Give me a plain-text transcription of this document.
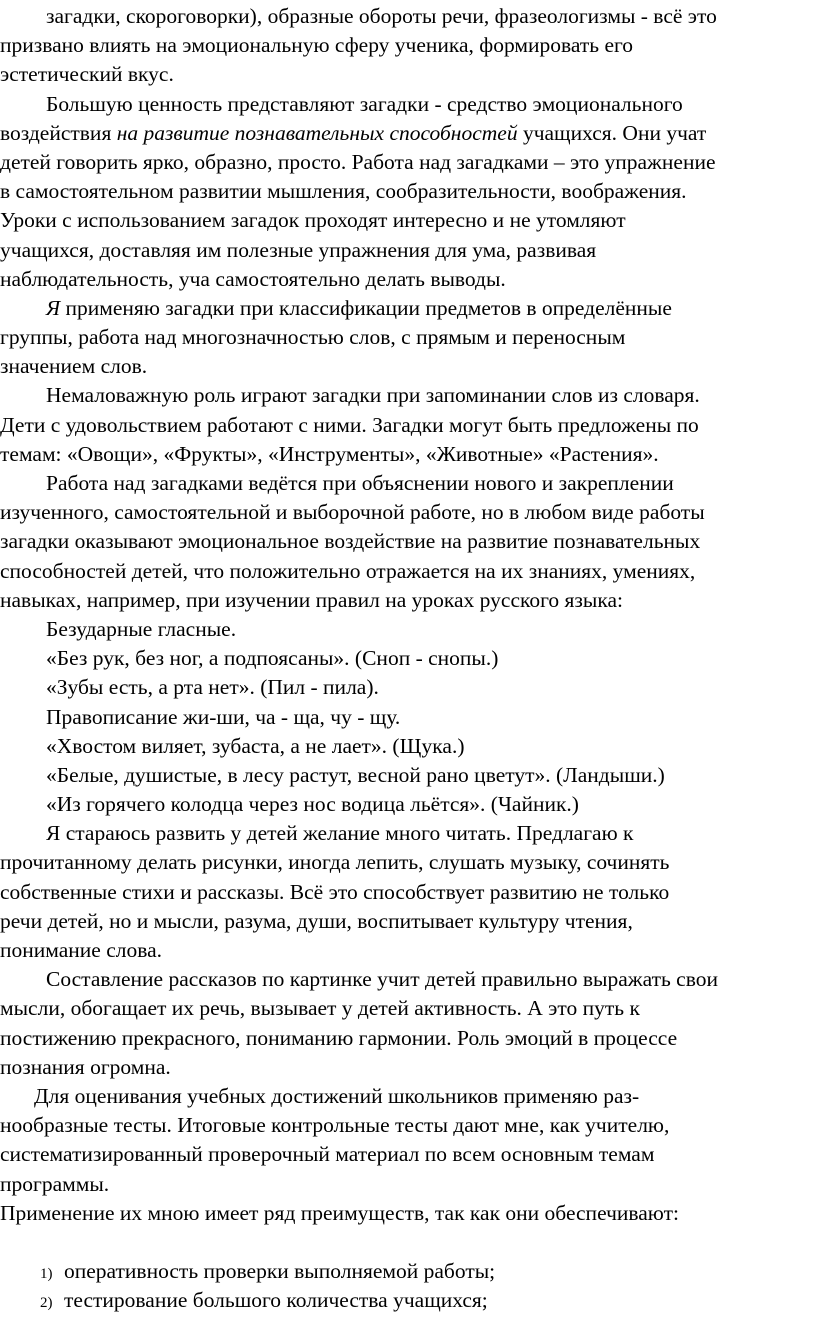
загадки, скороговорки), образные обороты речи, фразеологизмы - всё это

призвано влиять на эмоциональную сферу ученика, формировать его

эстетический вкус.

Большую ценность представляют загадки - средство эмоционального

воздействия на развитие познавательных способностей учащихся. Они учат

детей говорить ярко, образно, просто. Работа над загадками – это упражнение

в самостоятельном развитии мышления, сообразительности, воображения.

Уроки с использованием загадок проходят интересно и не утомляют

учащихся, доставляя им полезные упражнения для ума, развивая

наблюдательность, уча самостоятельно делать выводы.

Я применяю загадки при классификации предметов в определённые

группы, работа над многозначностью слов, с прямым и переносным

значением слов.

Немаловажную роль играют загадки при запоминании слов из словаря.

Дети с удовольствием работают с ними. Загадки могут быть предложены по

темам: «Овощи», «Фрукты», «Инструменты», «Животные» «Растения».

Работа над загадками ведётся при объяснении нового и закреплении

изученного, самостоятельной и выборочной работе, но в любом виде работы

загадки оказывают эмоциональное воздействие на развитие познавательных

способностей детей, что положительно отражается на их знаниях, умениях,

навыках, например, при изучении правил на уроках русского языка:

Безударные гласные.

«Без рук, без ног, а подпоясаны». (Сноп - снопы.)

«Зубы есть, а рта нет». (Пил - пила).

Правописание жи-ши, ча - ща, чу - щу.

«Хвостом виляет, зубаста, а не лает». (Щука.)

«Белые, душистые, в лесу растут, весной рано цветут». (Ландыши.)

«Из горячего колодца через нос водица льётся». (Чайник.)

Я стараюсь развить у детей желание много читать. Предлагаю к

прочитанному делать рисунки, иногда лепить, слушать музыку, сочинять

собственные стихи и рассказы. Всё это способствует развитию не только

речи детей, но и мысли, разума, души, воспитывает культуру чтения,

понимание слова.

Составление рассказов по картинке учит детей правильно выражать свои

мысли, обогащает их речь, вызывает у детей активность. А это путь к

постижению прекрасного, пониманию гармонии. Роль эмоций в процессе

познания огромна.

Для оценивания учебных достижений школьников применяю раз-

нообразные тесты. Итоговые контрольные тесты дают мне, как учителю,

систематизированный проверочный материал по всем основным темам

программы.

Применение их мною имеет ряд преимуществ, так как они обеспечивают:

1) оперативность проверки выполняемой работы;
2) тестирование большого количества учащихся;
